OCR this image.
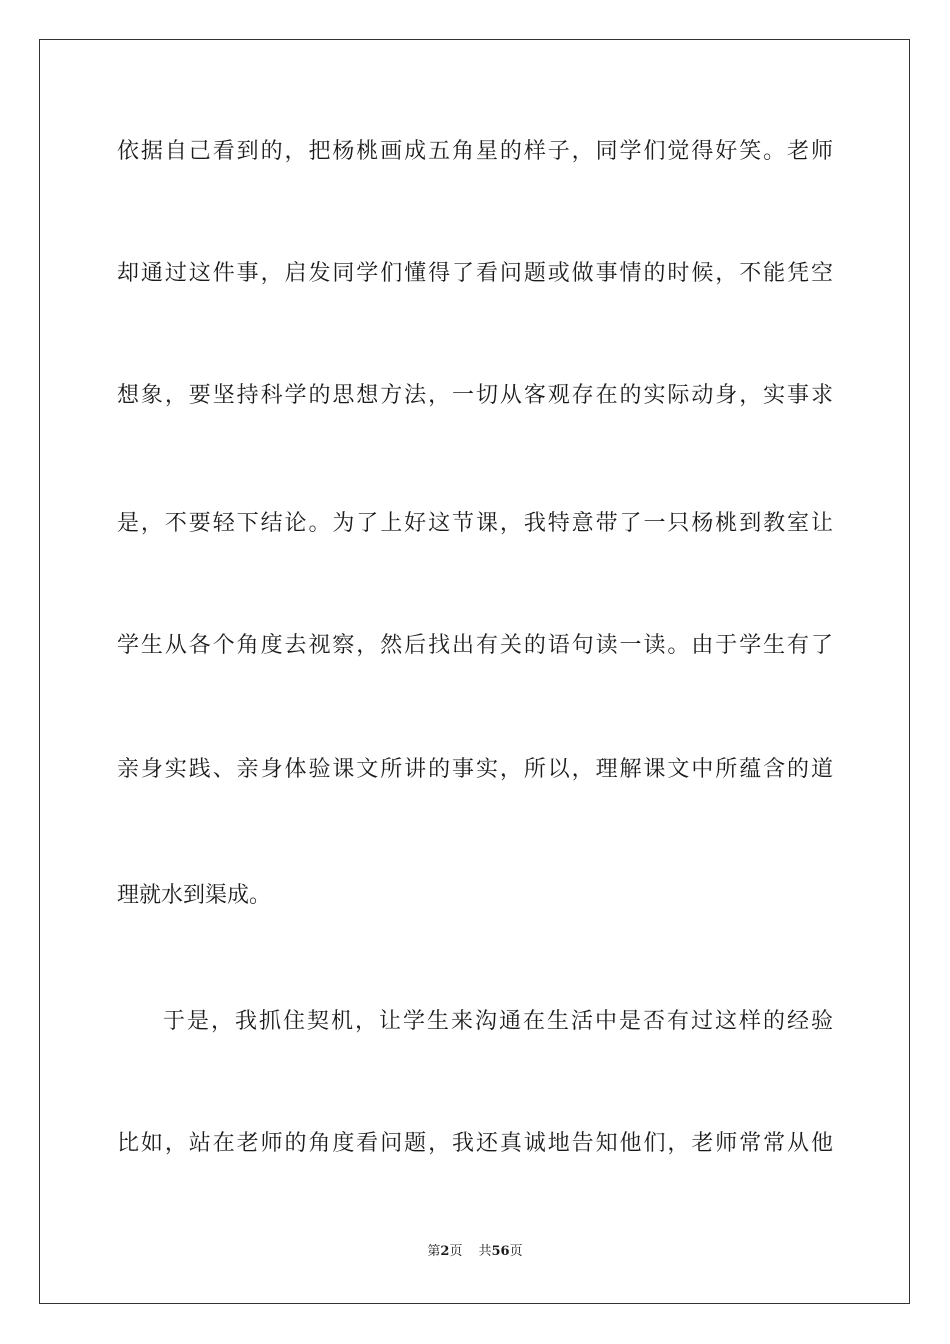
依据自己看到的，把杨桃画成五角星的样子，同学们觉得好笑。老师
却通过这件事，启发同学们懂得了看问题或做事情的时候，不能凭空
想象，要坚持科学的思想方法，一切从客观存在的实际动身，实事求
是，不要轻下结论。为了上好这节课，我特意带了一只杨桃到教室让
学生从各个角度去视察，然后找出有关的语句读一读。由于学生有了
亲身实践、亲身体验课文所讲的事实，所以，理解课文中所蕴含的道
理就水到渠成。
于是，我抓住契机，让学生来沟通在生活中是否有过这样的经验
比如，站在老师的角度看问题，我还真诚地告知他们，老师常常从他
第2页 共56页
